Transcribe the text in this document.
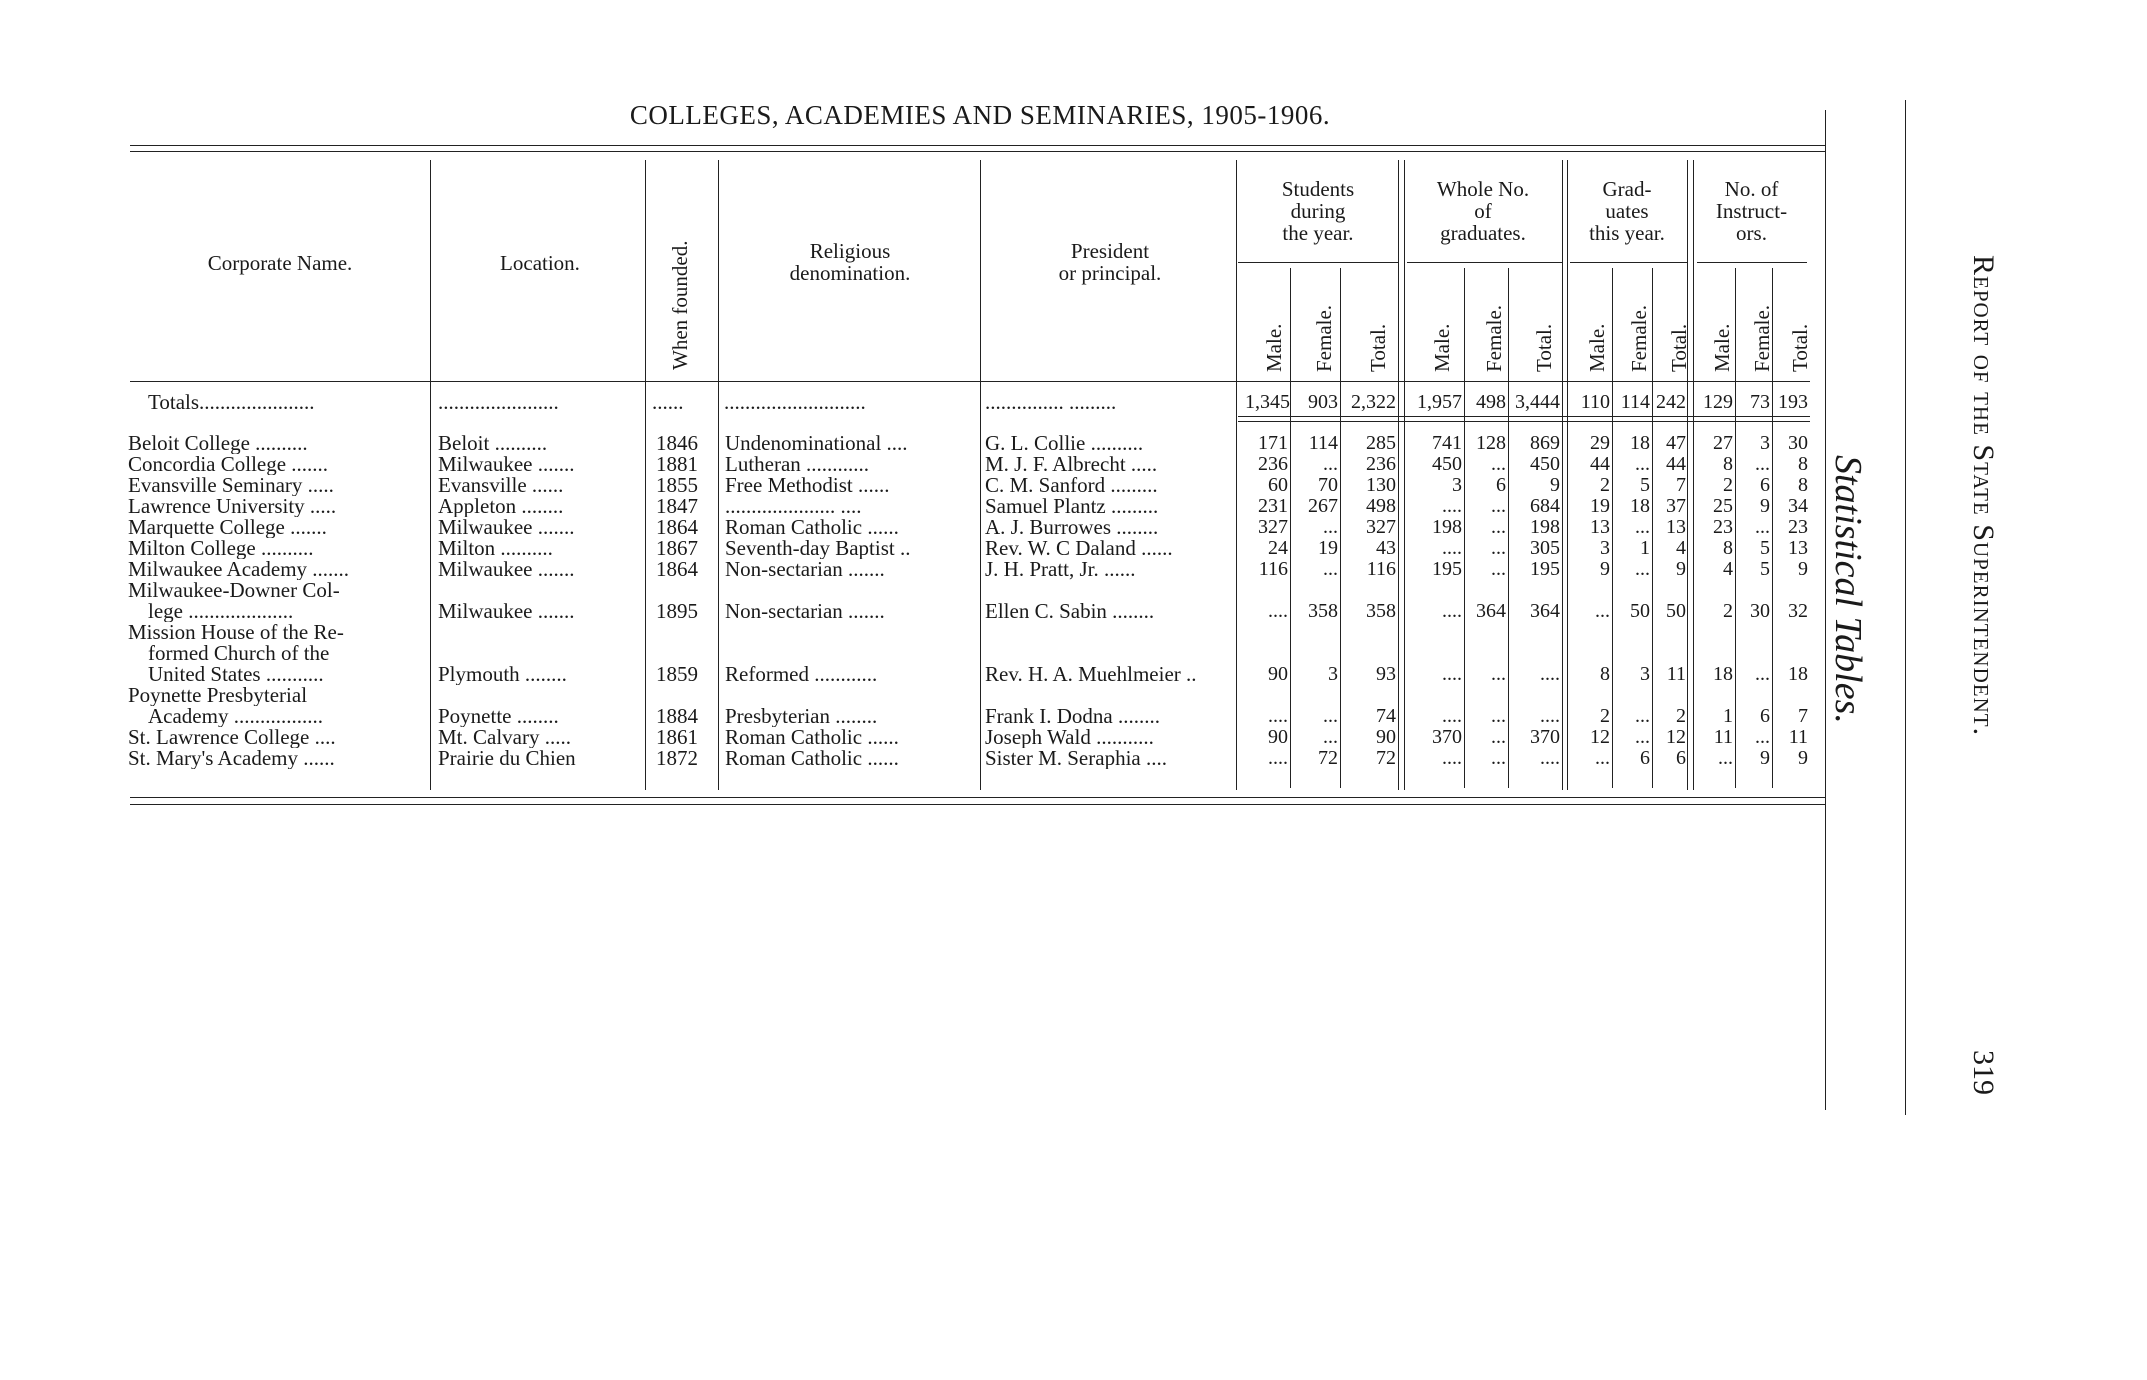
COLLEGES, ACADEMIES AND SEMINARIES, 1905-1906.
Corporate Name.	Location.	When founded.	Religious
denomination.
President
or principal.
Students
during
the year.
Whole No.
of
graduates.
Grad-
uates
this year.
No. of
Instruct-
ors.
Male. Female. Total. Male. Female. Total. Male. Female. Total. Male. Female. Total.
Totals......................	.......................	...... ...........................	............... .........	1,345 903 2,322	1,957 498 3,444	110 114 242 129 73 193
Beloit College ..........	Beloit ..........	1846 Undenominational ....	G. L. Collie ..........	171	114	285	741 128	869	29	18 47	27	3 30
Concordia College .......	Milwaukee .......	1881 Lutheran ............	M. J. F. Albrecht .....	236	...	236	450	...	450	44	... 44	8	...	8
Evansville Seminary .....	Evansville ......	1855 Free Methodist ......	C. M. Sanford .........	60	70	130	3	6	9	2	5	7	2	6	8
Lawrence University .....	Appleton ........	1847 ..................... ....	Samuel Plantz .........	231	267	498	....	...	684	19	18 37	25	9 34
Marquette College .......	Milwaukee .......	1864 Roman Catholic ......	A. J. Burrowes ........	327	...	327	198	...	198	13	... 13	23	... 23
Milton College ..........	Milton ..........	1867 Seventh-day Baptist ..	Rev. W. C Daland ......	24	19	43	....	...	305	3	1	4	8	5 13
Milwaukee Academy .......	Milwaukee .......	1864 Non-sectarian .......	J. H. Pratt, Jr. ......	116	...	116	195	...	195	9	...	9	4	5	9
Milwaukee-Downer Col-
lege ....................	Milwaukee .......	1895 Non-sectarian .......	Ellen C. Sabin ........	....	358	358	.... 364	364	...	50 50	2 30 32
Mission House of the Re-
formed Church of the
United States ...........	Plymouth ........	1859 Reformed ............	Rev. H. A. Muehlmeier ..	90	3	93	....	...	....	8	3 11	18	... 18
Poynette Presbyterial
Academy .................	Poynette ........	1884 Presbyterian ........	Frank I. Dodna ........	....	...	74	....	...	....	2	...	2	1	6	7
St. Lawrence College ....	Mt. Calvary .....	1861 Roman Catholic ......	Joseph Wald ...........	90	...	90	370	...	370	12	... 12	11	... 11
St. Mary's Academy ......	Prairie du Chien	1872 Roman Catholic ......	Sister M. Seraphia ....	....	72	72	....	...	....	...	6	6	...	9	9
Report of the State Superintendent.
Statistical Tables.
319
